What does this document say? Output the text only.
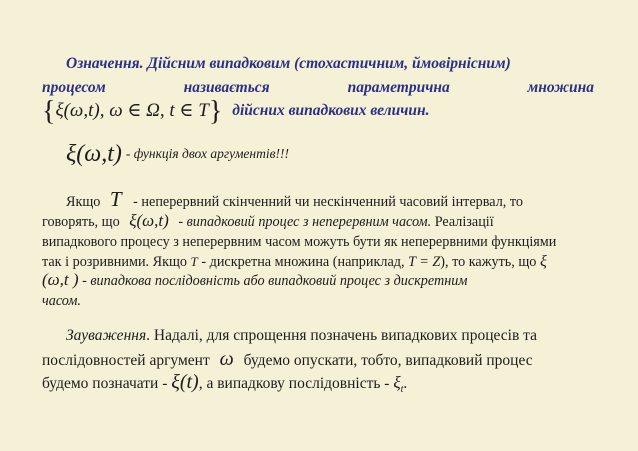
Означення. Дійсним випадковим (стохастичним, ймовірнісним)
процесом	називається	параметрична	множина
{ξ(ω,t), ω ∈ Ω, t ∈ T} дійсних випадкових величин.
ξ(ω,t) - функція двох аргументів!!!
Якщо T - неперервний скінченний чи нескінченний часовий інтервал, то
говорять, що ξ(ω,t) - випадковий процес з неперервним часом. Реалізації
випадкового процесу з неперервним часом можуть бути як неперервними функціями
так і розривними. Якщо T - дискретна множина (наприклад, T = Z), то кажуть, що ξ
(ω,t ) - випадкова послідовність або випадковий процес з дискретним
часом.
Зауваження. Надалі, для спрощення позначень випадкових процесів та
послідовностей аргумент ω будемо опускати, тобто, випадковий процес
будемо позначати - ξ(t), а випадкову послідовність - $\xi_t$.
